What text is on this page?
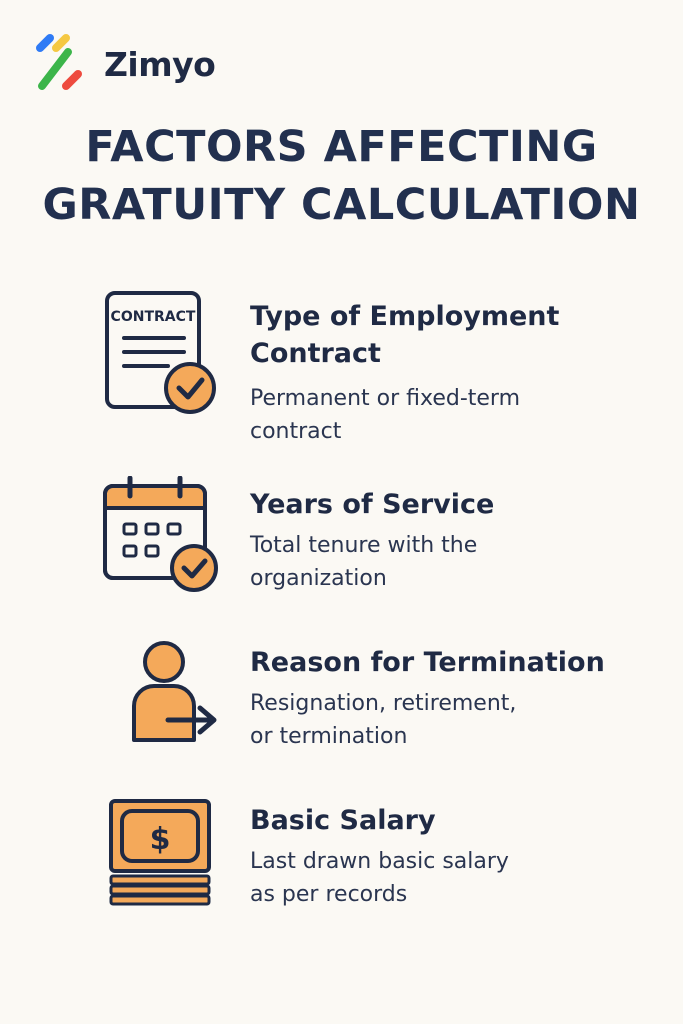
Zimyo
FACTORS AFFECTING
GRATUITY CALCULATION
CONTRACT Type of Employment
Contract

Permanent or fixed-term
contract

Years of Service

Total tenure with the
organization

Reason for Termination

Resignation, retirement,
or termination

$
Basic Salary

Last drawn basic salary
as per records
